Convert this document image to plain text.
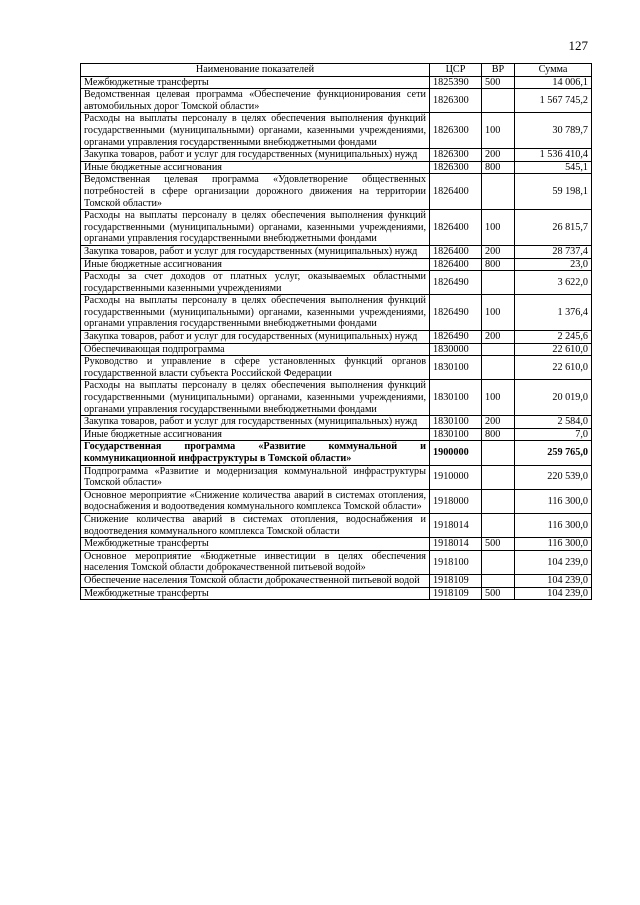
127
Наименование показателей	ЦСР	ВР	Сумма
Межбюджетные трансферты	1825390	500	14 006,1
Ведомственная целевая программа «Обеспечение функционирования сети автомобильных дорог Томской области»	1826300		1 567 745,2
Расходы на выплаты персоналу в целях обеспечения выполнения функций государственными (муниципальными) органами, казенными учреждениями, органами управления государственными внебюджетными фондами	1826300	100	30 789,7
Закупка товаров, работ и услуг для государственных (муниципальных) нужд	1826300	200	1 536 410,4
Иные бюджетные ассигнования	1826300	800	545,1
Ведомственная целевая программа «Удовлетворение общественных потребностей в сфере организации дорожного движения на территории Томской области»	1826400		59 198,1
Расходы на выплаты персоналу в целях обеспечения выполнения функций государственными (муниципальными) органами, казенными учреждениями, органами управления государственными внебюджетными фондами	1826400	100	26 815,7
Закупка товаров, работ и услуг для государственных (муниципальных) нужд	1826400	200	28 737,4
Иные бюджетные ассигнования	1826400	800	23,0
Расходы за счет доходов от платных услуг, оказываемых областными государственными казенными учреждениями	1826490		3 622,0
Расходы на выплаты персоналу в целях обеспечения выполнения функций государственными (муниципальными) органами, казенными учреждениями, органами управления государственными внебюджетными фондами	1826490	100	1 376,4
Закупка товаров, работ и услуг для государственных (муниципальных) нужд	1826490	200	2 245,6
Обеспечивающая подпрограмма	1830000		22 610,0
Руководство и управление в сфере установленных функций органов государственной власти субъекта Российской Федерации	1830100		22 610,0
Расходы на выплаты персоналу в целях обеспечения выполнения функций государственными (муниципальными) органами, казенными учреждениями, органами управления государственными внебюджетными фондами	1830100	100	20 019,0
Закупка товаров, работ и услуг для государственных (муниципальных) нужд	1830100	200	2 584,0
Иные бюджетные ассигнования	1830100	800	7,0
Государственная программа «Развитие коммунальной и коммуникационной инфраструктуры в Томской области»	1900000		259 765,0
Подпрограмма «Развитие и модернизация коммунальной инфраструктуры Томской области»	1910000		220 539,0
Основное мероприятие «Снижение количества аварий в системах отопления, водоснабжения и водоотведения коммунального комплекса Томской области»	1918000		116 300,0
Снижение количества аварий в системах отопления, водоснабжения и водоотведения коммунального комплекса Томской области	1918014		116 300,0
Межбюджетные трансферты	1918014	500	116 300,0
Основное мероприятие «Бюджетные инвестиции в целях обеспечения населения Томской области доброкачественной питьевой водой»	1918100		104 239,0
Обеспечение населения Томской области доброкачественной питьевой водой	1918109		104 239,0
Межбюджетные трансферты	1918109	500	104 239,0
